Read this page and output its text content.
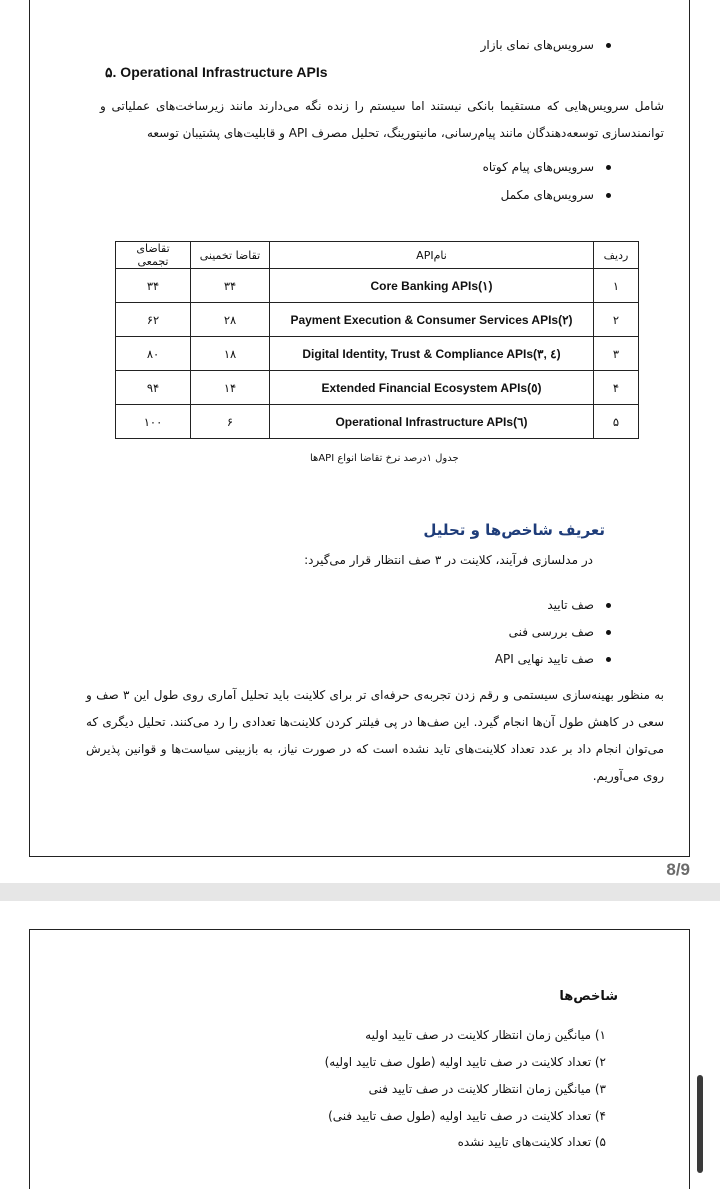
سرویس‌های نمای بازار
۵. Operational Infrastructure APIs
شامل سرویس‌هایی که مستقیما بانکی نیستند اما سیستم را زنده نگه می‌دارند مانند زیرساخت‌های عملیاتی و توانمندسازی توسعه‌دهندگان مانند پیام‌رسانی، مانیتورینگ، تحلیل مصرف API و قابلیت‌های پشتیبان توسعه
سرویس‌های پیام کوتاه
سرویس‌های مکمل
تقاضای تجمعی	تقاضا تخمینی	نامAPI	ردیف
۳۴	۳۴	Core Banking APIs(۱)	۱
۶۲	۲۸	Payment Execution & Consumer Services APIs(۲)	۲
۸۰	۱۸	Digital Identity, Trust & Compliance APIs(۳, ٤)	۳
۹۴	۱۴	Extended Financial Ecosystem APIs(٥)	۴
۱۰۰	۶	Operational Infrastructure APIs(٦)	۵
جدول ۱درصد نرخ تقاضا انواع APIها
تعریف شاخص‌ها و تحلیل
در مدلسازی فرآیند، کلاینت در ۳ صف انتظار قرار می‌گیرد:
صف تایید
صف بررسی فنی
صف تایید نهایی API
به منظور بهینه‌سازی سیستمی و رقم زدن تجربه‌ی حرفه‌ای تر برای کلاینت باید تحلیل آماری روی طول این ۳ صف و سعی در کاهش طول آن‌ها انجام گیرد. این صف‌ها در پی فیلتر کردن کلاینت‌ها تعدادی را رد می‌کنند. تحلیل دیگری که می‌توان انجام داد بر عدد تعداد کلاینت‌های تاید نشده است که در صورت نیاز، به بازبینی سیاست‌ها و قوانین پذیرش روی می‌آوریم.
8/9
شاخص‌ها
۱) میانگین زمان انتظار کلاینت در صف تایید اولیه
۲) تعداد کلاینت در صف تایید اولیه (طول صف تایید اولیه)
۳) میانگین زمان انتظار کلاینت در صف تایید فنی
۴) تعداد کلاینت در صف تایید اولیه (طول صف تایید فنی)
۵) تعداد کلاینت‌های تایید نشده
